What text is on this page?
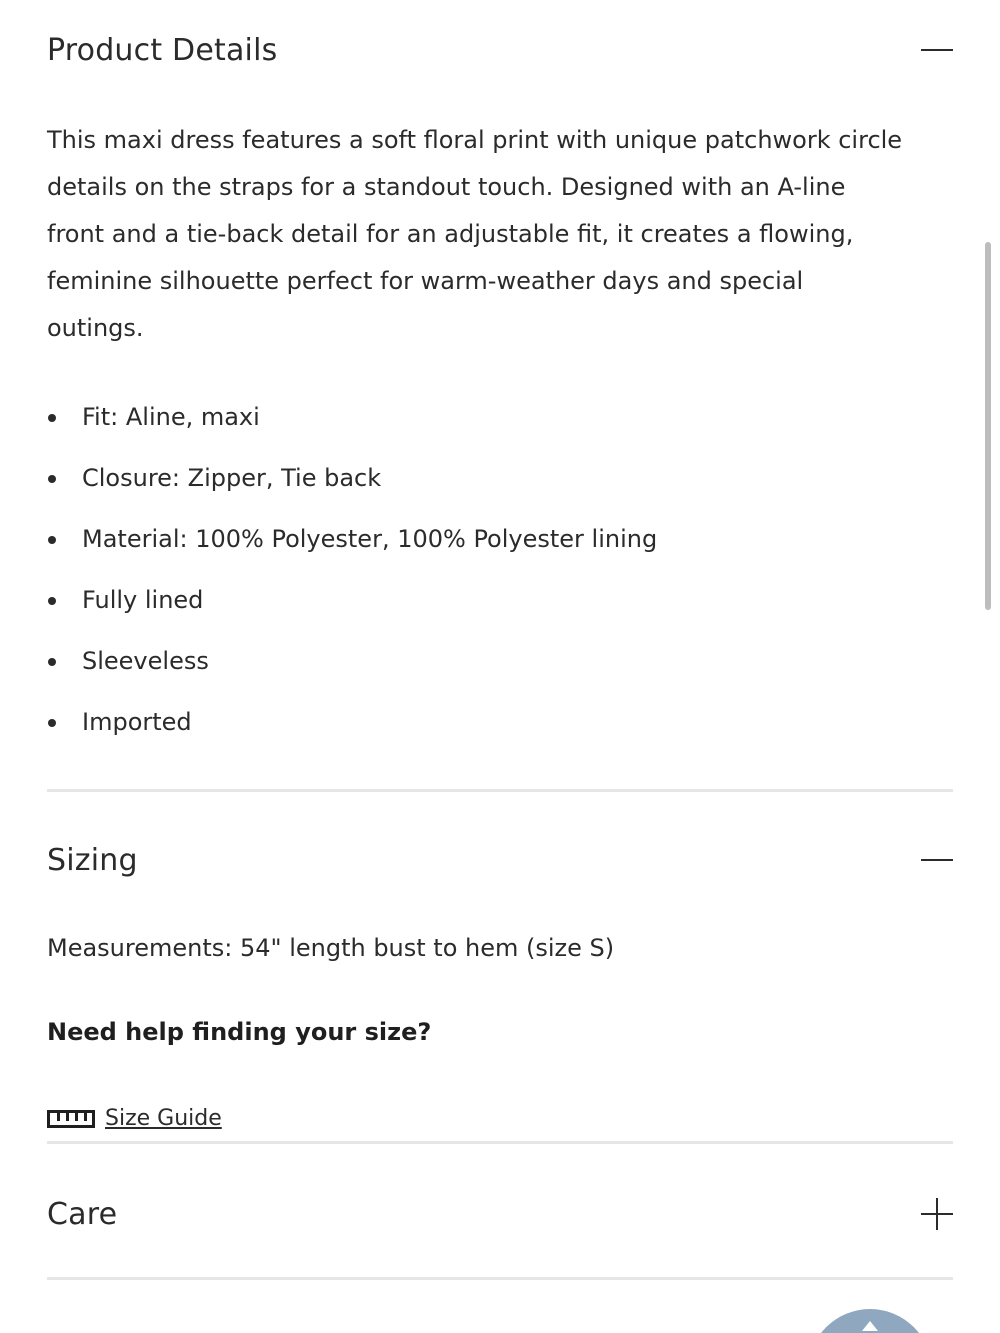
Product Details

This maxi dress features a soft floral print with unique patchwork circle

details on the straps for a standout touch. Designed with an A-line

front and a tie-back detail for an adjustable fit, it creates a flowing,

feminine silhouette perfect for warm-weather days and special

outings.

Fit: Aline, maxi
Closure: Zipper, Tie back
Material: 100% Polyester, 100% Polyester lining
Fully lined
Sleeveless
Imported
Sizing
Measurements: 54" length bust to hem (size S)
Need help finding your size?
Size Guide
Care
